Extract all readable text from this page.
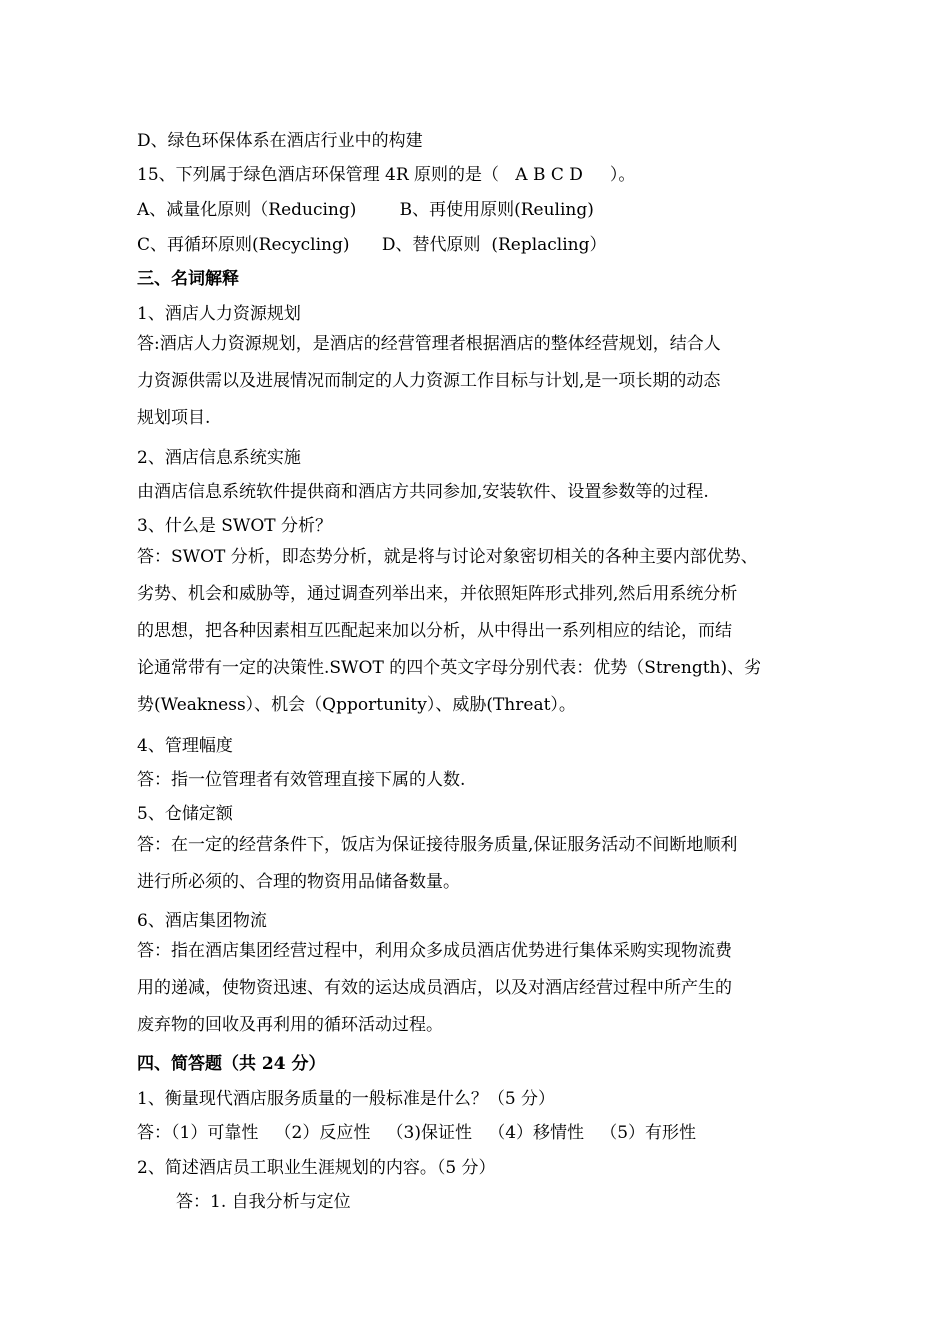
D、绿色环保体系在酒店行业中的构建
15、下列属于绿色酒店环保管理 4R 原则的是（   A B C D     ）。
A、减量化原则（Reducing)        B、再使用原则(Reuling)
C、再循环原则(Recycling)      D、替代原则  (Replacling）
三、名词解释
1、酒店人力资源规划
答:酒店人力资源规划，是酒店的经营管理者根据酒店的整体经营规划，结合人
力资源供需以及进展情况而制定的人力资源工作目标与计划,是一项长期的动态
规划项目.
2、酒店信息系统实施
由酒店信息系统软件提供商和酒店方共同参加,安装软件、设置参数等的过程.
3、什么是 SWOT 分析？
答：SWOT 分析，即态势分析，就是将与讨论对象密切相关的各种主要内部优势、
劣势、机会和威胁等，通过调查列举出来，并依照矩阵形式排列,然后用系统分析
的思想，把各种因素相互匹配起来加以分析，从中得出一系列相应的结论，而结
论通常带有一定的决策性.SWOT 的四个英文字母分别代表：优势（Strength)、劣
势(Weakness）、机会（Qpportunity）、威胁(Threat）。
4、管理幅度
答：指一位管理者有效管理直接下属的人数.
5、仓储定额
答：在一定的经营条件下，饭店为保证接待服务质量,保证服务活动不间断地顺利
进行所必须的、合理的物资用品储备数量。
6、酒店集团物流
答：指在酒店集团经营过程中，利用众多成员酒店优势进行集体采购实现物流费
用的递减，使物资迅速、有效的运达成员酒店，以及对酒店经营过程中所产生的
废弃物的回收及再利用的循环活动过程。
四、简答题（共 24 分）
1、衡量现代酒店服务质量的一般标准是什么？（5 分）
答：（1）可靠性   （2）反应性   （3)保证性   （4）移情性   （5）有形性
2、简述酒店员工职业生涯规划的内容。（5 分）
答：1. 自我分析与定位
